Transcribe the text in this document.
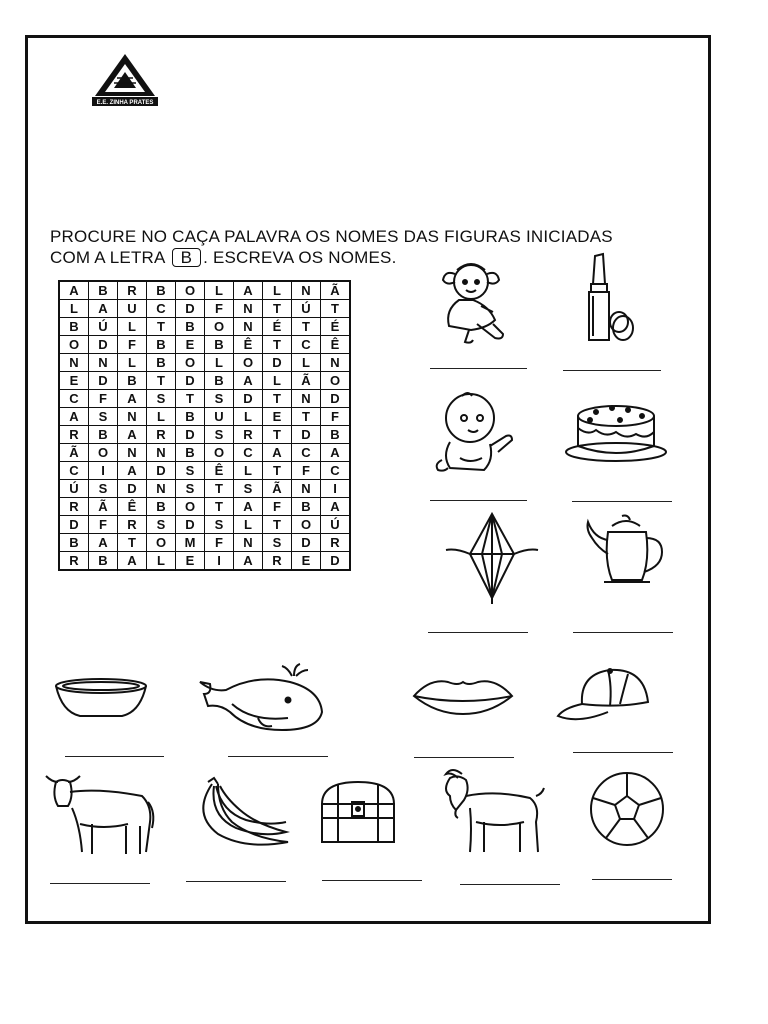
E.E. ZINHA PRATES
PROCURE NO CAÇA PALAVRA OS NOMES DAS FIGURAS INICIADAS
COM A LETRA B . ESCREVA OS NOMES.
A	B	R	B	O	L	A	L	N	Ã
L	A	U	C	D	F	N	T	Ú	T
B	Ú	L	T	B	O	N	É	T	É
O	D	F	B	E	B	Ê	T	C	Ê
N	N	L	B	O	L	O	D	L	N
E	D	B	T	D	B	A	L	Ã	O
C	F	A	S	T	S	D	T	N	D
A	S	N	L	B	U	L	E	T	F
R	B	A	R	D	S	R	T	D	B
Ã	O	N	N	B	O	C	A	C	A
C	I	A	D	S	Ê	L	T	F	C
Ú	S	D	N	S	T	S	Ã	N	I
R	Ã	Ê	B	O	T	A	F	B	A
D	F	R	S	D	S	L	T	O	Ú
B	A	T	O	M	F	N	S	D	R
R	B	A	L	E	I	A	R	E	D
